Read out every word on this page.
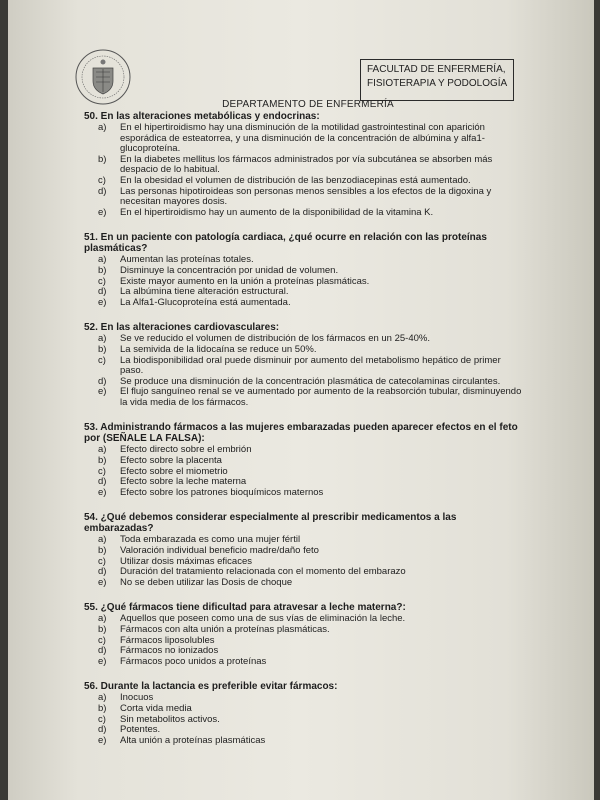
FACULTAD DE ENFERMERÍA,
FISIOTERAPIA Y PODOLOGÍA
DEPARTAMENTO DE ENFERMERÍA
50. En las alteraciones metabólicas y endocrinas:
a)	En el hipertiroidismo hay una disminución de la motilidad gastrointestinal con aparición esporádica de esteatorrea, y una disminución de la concentración de albúmina y alfa1-glucoproteína.
b)	En la diabetes mellitus los fármacos administrados por vía subcutánea se absorben más despacio de lo habitual.
c)	En la obesidad el volumen de distribución de las benzodiacepinas está aumentado.
d)	Las personas hipotiroideas son personas menos sensibles a los efectos de la digoxina y necesitan mayores dosis.
e)	En el hipertiroidismo hay un aumento de la disponibilidad de la vitamina K.
51. En un paciente con patología cardiaca, ¿qué ocurre en relación con las proteínas plasmáticas?
a)	Aumentan las proteínas totales.
b)	Disminuye la concentración por unidad de volumen.
c)	Existe mayor aumento en la unión a proteínas plasmáticas.
d)	La albúmina tiene alteración estructural.
e)	La Alfa1-Glucoproteína está aumentada.
52. En las alteraciones cardiovasculares:
a)	Se ve reducido el volumen de distribución de los fármacos en un 25-40%.
b)	La semivida de la lidocaína se reduce un 50%.
c)	La biodisponibilidad oral puede disminuir por aumento del metabolismo hepático de primer paso.
d)	Se produce una disminución de la concentración plasmática de catecolaminas circulantes.
e)	El flujo sanguíneo renal se ve aumentado por aumento de la reabsorción tubular, disminuyendo la vida media de los fármacos.
53. Administrando fármacos a las mujeres embarazadas pueden aparecer efectos en el feto por (SEÑALE LA FALSA):
a)	Efecto directo sobre el embrión
b)	Efecto sobre la placenta
c)	Efecto sobre el miometrio
d)	Efecto sobre la leche materna
e)	Efecto sobre los patrones bioquímicos maternos
54. ¿Qué debemos considerar especialmente al prescribir medicamentos a las embarazadas?
a)	Toda embarazada es como una mujer fértil
b)	Valoración individual beneficio madre/daño feto
c)	Utilizar dosis máximas eficaces
d)	Duración del tratamiento relacionada con el momento del embarazo
e)	No se deben utilizar las Dosis de choque
55. ¿Qué fármacos tiene dificultad para atravesar a leche materna?:
a)	Aquellos que poseen como una de sus vías de eliminación la leche.
b)	Fármacos con alta unión a proteínas plasmáticas.
c)	Fármacos liposolubles
d)	Fármacos no ionizados
e)	Fármacos poco unidos a proteínas
56. Durante la lactancia es preferible evitar fármacos:
a)	Inocuos
b)	Corta vida media
c)	Sin metabolitos activos.
d)	Potentes.
e)	Alta unión a proteínas plasmáticas
